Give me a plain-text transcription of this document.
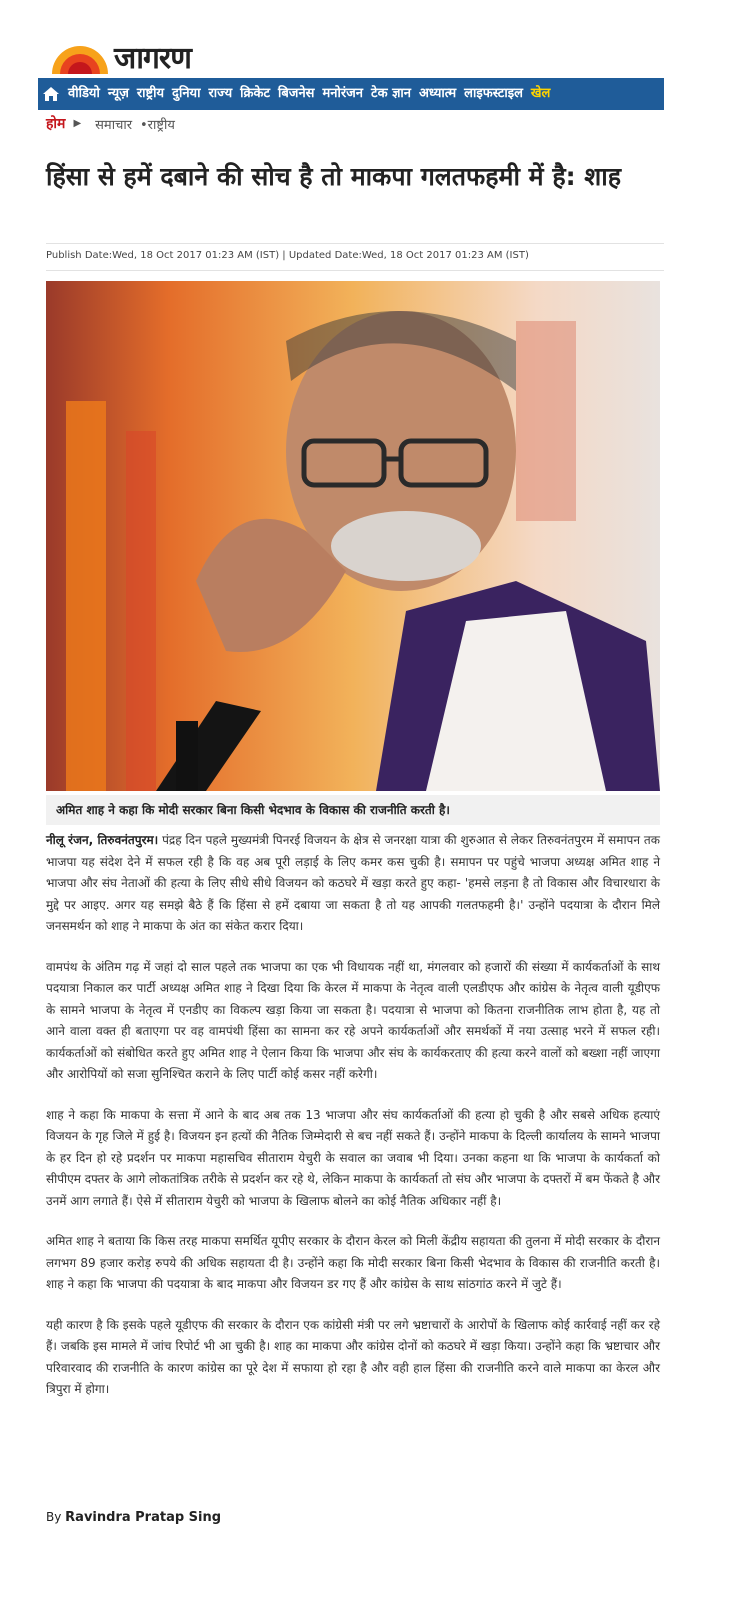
जागरण
वीडियो न्यूज़ राष्ट्रीय दुनिया राज्य क्रिकेट बिजनेस मनोरंजन टेक ज्ञान अध्यात्म लाइफस्टाइल खेल
होम ▶ समाचार •राष्ट्रीय
हिंसा से हमें दबाने की सोच है तो माकपा गलतफहमी में है: शाह
Publish Date:Wed, 18 Oct 2017 01:23 AM (IST) | Updated Date:Wed, 18 Oct 2017 01:23 AM (IST)
अमित शाह ने कहा कि मोदी सरकार बिना किसी भेदभाव के विकास की राजनीति करती है।

नीलू रंजन, तिरुवनंतपुरम। पंद्रह दिन पहले मुख्यमंत्री पिनरई विजयन के क्षेत्र से जनरक्षा यात्रा की शुरुआत से लेकर तिरुवनंतपुरम में समापन तक भाजपा यह संदेश देने में सफल रही है कि वह अब पूरी लड़ाई के लिए कमर कस चुकी है। समापन पर पहुंचे भाजपा अध्यक्ष अमित शाह ने भाजपा और संघ नेताओं की हत्या के लिए सीधे सीधे विजयन को कठघरे में खड़ा करते हुए कहा- 'हमसे लड़ना है तो विकास और विचारधारा के मुद्दे पर आइए. अगर यह समझे बैठे हैं कि हिंसा से हमें दबाया जा सकता है तो यह आपकी गलतफहमी है।' उन्होंने पदयात्रा के दौरान मिले जनसमर्थन को शाह ने माकपा के अंत का संकेत करार दिया।

वामपंथ के अंतिम गढ़ में जहां दो साल पहले तक भाजपा का एक भी विधायक नहीं था, मंगलवार को हजारों की संख्या में कार्यकर्ताओं के साथ पदयात्रा निकाल कर पार्टी अध्यक्ष अमित शाह ने दिखा दिया कि केरल में माकपा के नेतृत्व वाली एलडीएफ और कांग्रेस के नेतृत्व वाली यूडीएफ के सामने भाजपा के नेतृत्व में एनडीए का विकल्प खड़ा किया जा सकता है। पदयात्रा से भाजपा को कितना राजनीतिक लाभ होता है, यह तो आने वाला वक्त ही बताएगा पर वह वामपंथी हिंसा का सामना कर रहे अपने कार्यकर्ताओं और समर्थकों में नया उत्साह भरने में सफल रही। कार्यकर्ताओं को संबोधित करते हुए अमित शाह ने ऐलान किया कि भाजपा और संघ के कार्यकरताए की हत्या करने वालों को बख्शा नहीं जाएगा और आरोपियों को सजा सुनिश्चित कराने के लिए पार्टी कोई कसर नहीं करेगी।

शाह ने कहा कि माकपा के सत्ता में आने के बाद अब तक 13 भाजपा और संघ कार्यकर्ताओं की हत्या हो चुकी है और सबसे अधिक हत्याएं विजयन के गृह जिले में हुई है। विजयन इन हत्यों की नैतिक जिम्मेदारी से बच नहीं सकते हैं। उन्होंने माकपा के दिल्ली कार्यालय के सामने भाजपा के हर दिन हो रहे प्रदर्शन पर माकपा महासचिव सीताराम येचुरी के सवाल का जवाब भी दिया। उनका कहना था कि भाजपा के कार्यकर्ता को सीपीएम दफ्तर के आगे लोकतांत्रिक तरीके से प्रदर्शन कर रहे थे, लेकिन माकपा के कार्यकर्ता तो संघ और भाजपा के दफ्तरों में बम फेंकते है और उनमें आग लगाते हैं। ऐसे में सीताराम येचुरी को भाजपा के खिलाफ बोलने का कोई नैतिक अधिकार नहीं है।

अमित शाह ने बताया कि किस तरह माकपा समर्थित यूपीए सरकार के दौरान केरल को मिली केंद्रीय सहायता की तुलना में मोदी सरकार के दौरान लगभग 89 हजार करोड़ रुपये की अधिक सहायता दी है। उन्होंने कहा कि मोदी सरकार बिना किसी भेदभाव के विकास की राजनीति करती है। शाह ने कहा कि भाजपा की पदयात्रा के बाद माकपा और विजयन डर गए हैं और कांग्रेस के साथ सांठगांठ करने में जुटे हैं।

यही कारण है कि इसके पहले यूडीएफ की सरकार के दौरान एक कांग्रेसी मंत्री पर लगे भ्रष्टाचारों के आरोपों के खिलाफ कोई कार्रवाई नहीं कर रहे हैं। जबकि इस मामले में जांच रिपोर्ट भी आ चुकी है। शाह का माकपा और कांग्रेस दोनों को कठघरे में खड़ा किया। उन्होंने कहा कि भ्रष्टाचार और परिवारवाद की राजनीति के कारण कांग्रेस का पूरे देश में सफाया हो रहा है और वही हाल हिंसा की राजनीति करने वाले माकपा का केरल और त्रिपुरा में होगा।

By Ravindra Pratap Sing
